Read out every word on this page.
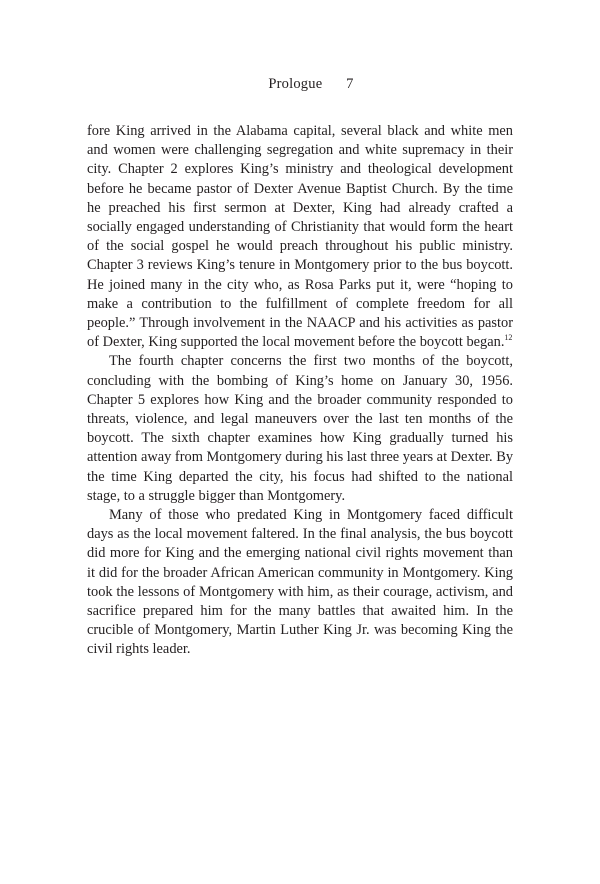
Prologue 7

fore King arrived in the Alabama capital, several black and white men and women were challenging segregation and white supremacy in their city. Chapter 2 explores King’s ministry and theological development before he became pastor of Dexter Avenue Baptist Church. By the time he preached his first sermon at Dexter, King had already crafted a socially engaged understanding of Christianity that would form the heart of the social gospel he would preach throughout his public ministry. Chapter 3 reviews King’s tenure in Montgomery prior to the bus boycott. He joined many in the city who, as Rosa Parks put it, were “hoping to make a contribution to the fulfillment of complete freedom for all people.” Through involvement in the NAACP and his activities as pastor of Dexter, King supported the local movement before the boycott began.$^{12}$

The fourth chapter concerns the first two months of the boycott, concluding with the bombing of King’s home on January 30, 1956. Chapter 5 explores how King and the broader community responded to threats, violence, and legal maneuvers over the last ten months of the boycott. The sixth chapter examines how King gradually turned his attention away from Montgomery during his last three years at Dexter. By the time King departed the city, his focus had shifted to the national stage, to a struggle bigger than Montgomery.

Many of those who predated King in Montgomery faced difficult days as the local movement faltered. In the final analysis, the bus boycott did more for King and the emerging national civil rights movement than it did for the broader African American community in Montgomery. King took the lessons of Montgomery with him, as their courage, activism, and sacrifice prepared him for the many battles that awaited him. In the crucible of Montgomery, Martin Luther King Jr. was becoming King the civil rights leader.
